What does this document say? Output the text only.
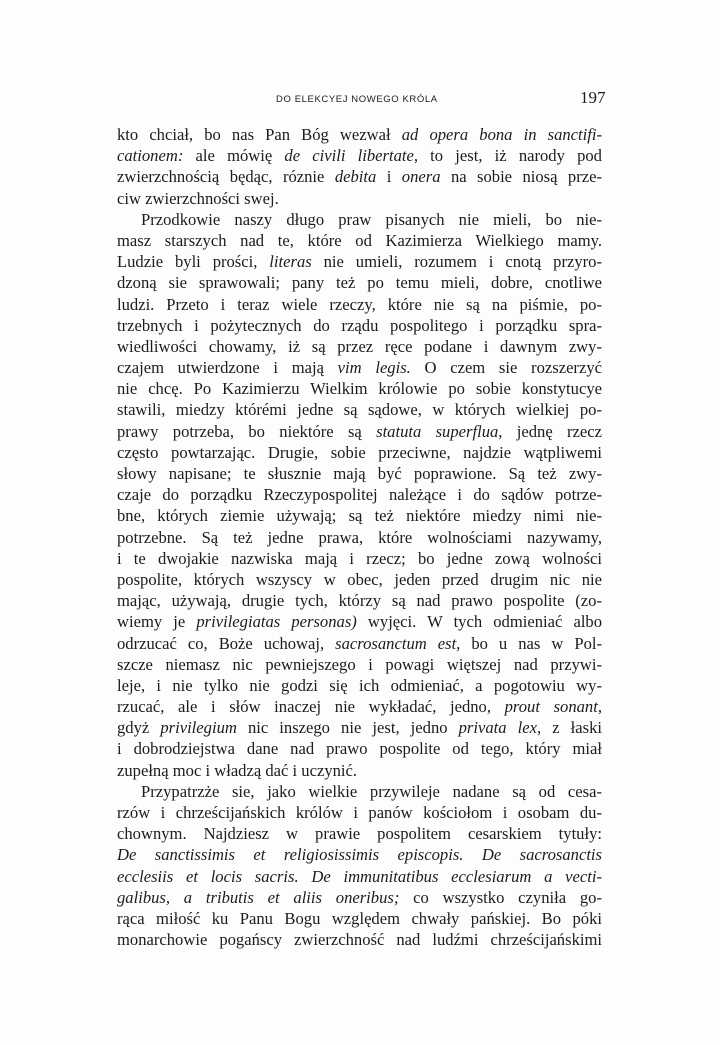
DO ELEKCYEJ NOWEGO KRÓLA	197
kto chciał, bo nas Pan Bóg wezwał ad opera bona in sanctifi-
cationem: ale mówię de civili libertate, to jest, iż narody pod
zwierzchnością będąc, róznie debita i onera na sobie niosą prze-
ciw zwierzchności swej.
Przodkowie naszy długo praw pisanych nie mieli, bo nie-
masz starszych nad te, które od Kazimierza Wielkiego mamy.
Ludzie byli prości, literas nie umieli, rozumem i cnotą przyro-
dzoną sie sprawowali; pany też po temu mieli, dobre, cnotliwe
ludzi. Przeto i teraz wiele rzeczy, które nie są na piśmie, po-
trzebnych i pożytecznych do rządu pospolitego i porządku spra-
wiedliwości chowamy, iż są przez ręce podane i dawnym zwy-
czajem utwierdzone i mają vim legis. O czem sie rozszerzyć
nie chcę. Po Kazimierzu Wielkim królowie po sobie konstytucye
stawili, miedzy którémi jedne są sądowe, w których wielkiej po-
prawy potrzeba, bo niektóre są statuta superflua, jednę rzecz
często powtarzając. Drugie, sobie przeciwne, najdzie wątpliwemi
słowy napisane; te słusznie mają być poprawione. Są też zwy-
czaje do porządku Rzeczypospolitej należące i do sądów potrze-
bne, których ziemie używają; są też niektóre miedzy nimi nie-
potrzebne. Są też jedne prawa, które wolnościami nazywamy,
i te dwojakie nazwiska mają i rzecz; bo jedne zową wolności
pospolite, których wszyscy w obec, jeden przed drugim nic nie
mając, używają, drugie tych, którzy są nad prawo pospolite (zo-
wiemy je privilegiatas personas) wyjęci. W tych odmieniać albo
odrzucać co, Boże uchowaj, sacrosanctum est, bo u nas w Pol-
szcze niemasz nic pewniejszego i powagi więtszej nad przywi-
leje, i nie tylko nie godzi się ich odmieniać, a pogotowiu wy-
rzucać, ale i słów inaczej nie wykładać, jedno, prout sonant,
gdyż privilegium nic inszego nie jest, jedno privata lex, z łaski
i dobrodziejstwa dane nad prawo pospolite od tego, który miał
zupełną moc i władzą dać i uczynić.
Przypatrzże sie, jako wielkie przywileje nadane są od cesa-
rzów i chrześcijańskich królów i panów kościołom i osobam du-
chownym. Najdziesz w prawie pospolitem cesarskiem tytuły:
De sanctissimis et religiosissimis episcopis. De sacrosanctis
ecclesiis et locis sacris. De immunitatibus ecclesiarum a vecti-
galibus, a tributis et aliis oneribus; co wszystko czyniła go-
rąca miłość ku Panu Bogu względem chwały pańskiej. Bo póki
monarchowie pogańscy zwierzchność nad ludźmi chrześcijańskimi
